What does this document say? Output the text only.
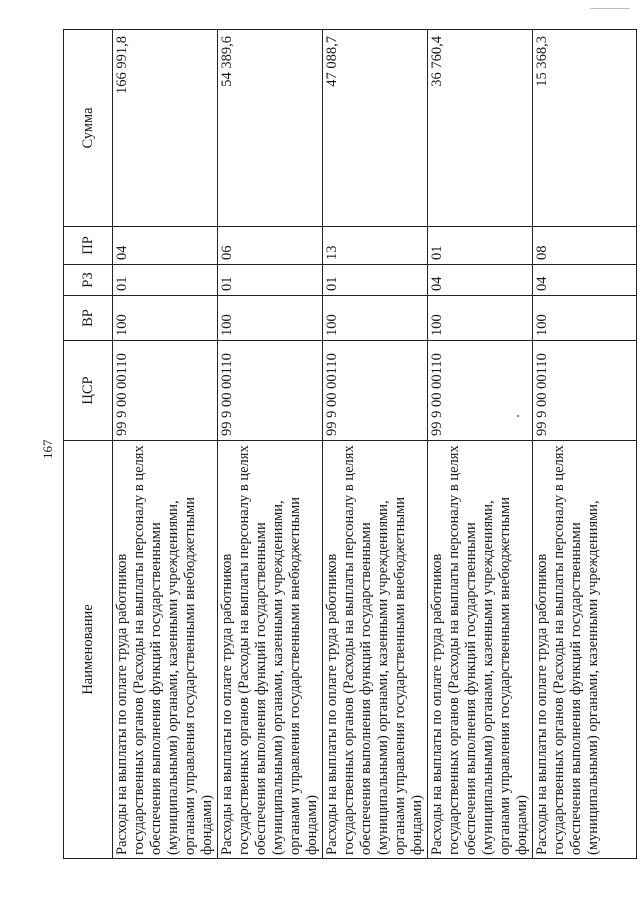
167
Наименование	ЦСР	ВР	РЗ	ПР	Сумма
Расходы на выплаты по оплате труда работников государственных органов (Расходы на выплаты персоналу в целях обеспечения выполнения функций государственными (муниципальными) органами, казенными учреждениями, органами управления государственными внебюджетными фондами)	99 9 00 00110	100	01	04	166 991,8
Расходы на выплаты по оплате труда работников государственных органов (Расходы на выплаты персоналу в целях обеспечения выполнения функций государственными (муниципальными) органами, казенными учреждениями, органами управления государственными внебюджетными фондами)	99 9 00 00110	100	01	06	54 389,6
Расходы на выплаты по оплате труда работников государственных органов (Расходы на выплаты персоналу в целях обеспечения выполнения функций государственными (муниципальными) органами, казенными учреждениями, органами управления государственными внебюджетными фондами)	99 9 00 00110	100	01	13	47 088,7
Расходы на выплаты по оплате труда работников государственных органов (Расходы на выплаты персоналу в целях обеспечения выполнения функций государственными (муниципальными) органами, казенными учреждениями, органами управления государственными внебюджетными фондами)	99 9 00 00110	100	04	01	36 760,4
Расходы на выплаты по оплате труда работников государственных органов (Расходы на выплаты персоналу в целях обеспечения выполнения функций государственными (муниципальными) органами, казенными учреждениями,	99 9 00 00110	100	04	08	15 368,3
